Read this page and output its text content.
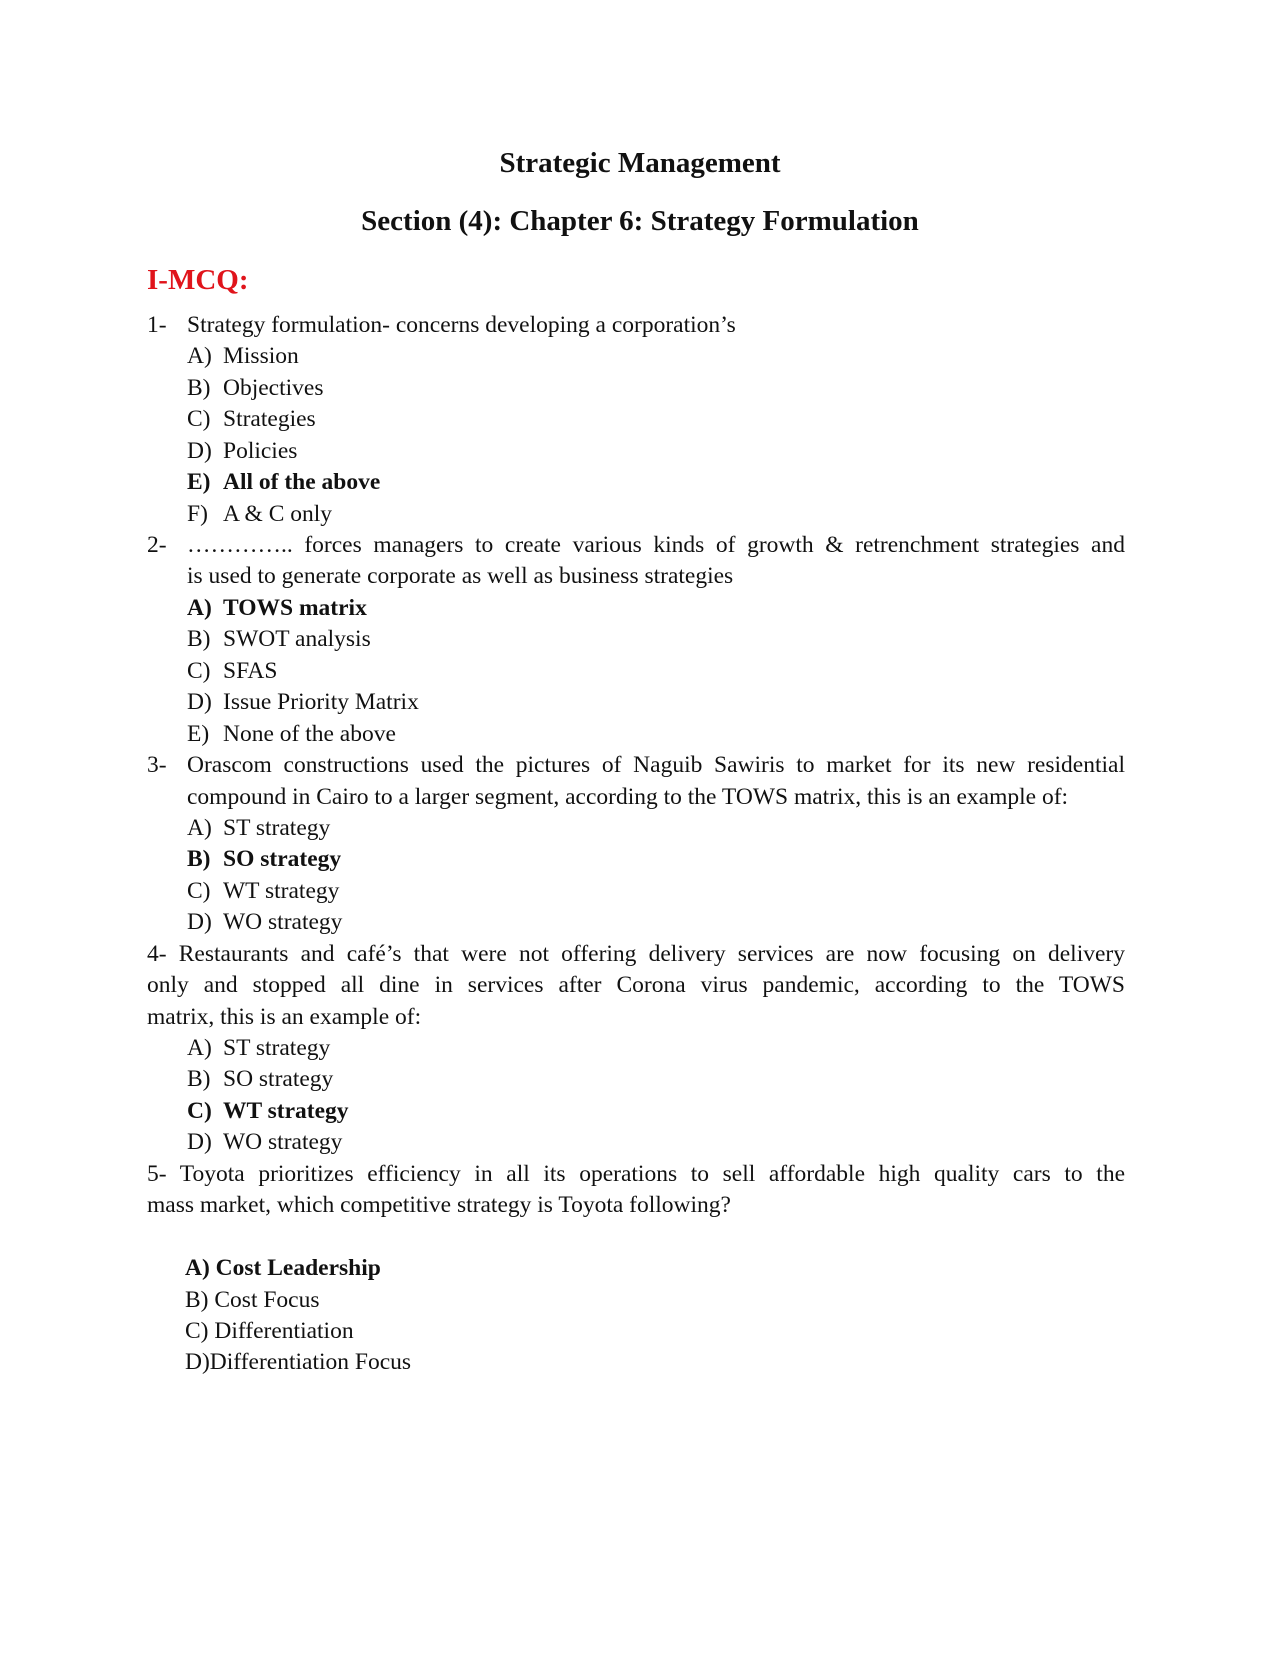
Strategic Management
Section (4): Chapter 6: Strategy Formulation
I-MCQ:
1- Strategy formulation- concerns developing a corporation’s
A) Mission
B) Objectives
C) Strategies
D) Policies
E) All of the above
F) A & C only
2- ………….. forces managers to create various kinds of growth & retrenchment strategies and
is used to generate corporate as well as business strategies
A) TOWS matrix
B) SWOT analysis
C) SFAS
D) Issue Priority Matrix
E) None of the above
3- Orascom constructions used the pictures of Naguib Sawiris to market for its new residential
compound in Cairo to a larger segment, according to the TOWS matrix, this is an example of:
A) ST strategy
B) SO strategy
C) WT strategy
D) WO strategy
4- Restaurants and café’s that were not offering delivery services are now focusing on delivery
only and stopped all dine in services after Corona virus pandemic, according to the TOWS
matrix, this is an example of:
A) ST strategy
B) SO strategy
C) WT strategy
D) WO strategy
5- Toyota prioritizes efficiency in all its operations to sell affordable high quality cars to the
mass market, which competitive strategy is Toyota following?
A) Cost Leadership
B) Cost Focus
C) Differentiation
D)Differentiation Focus
